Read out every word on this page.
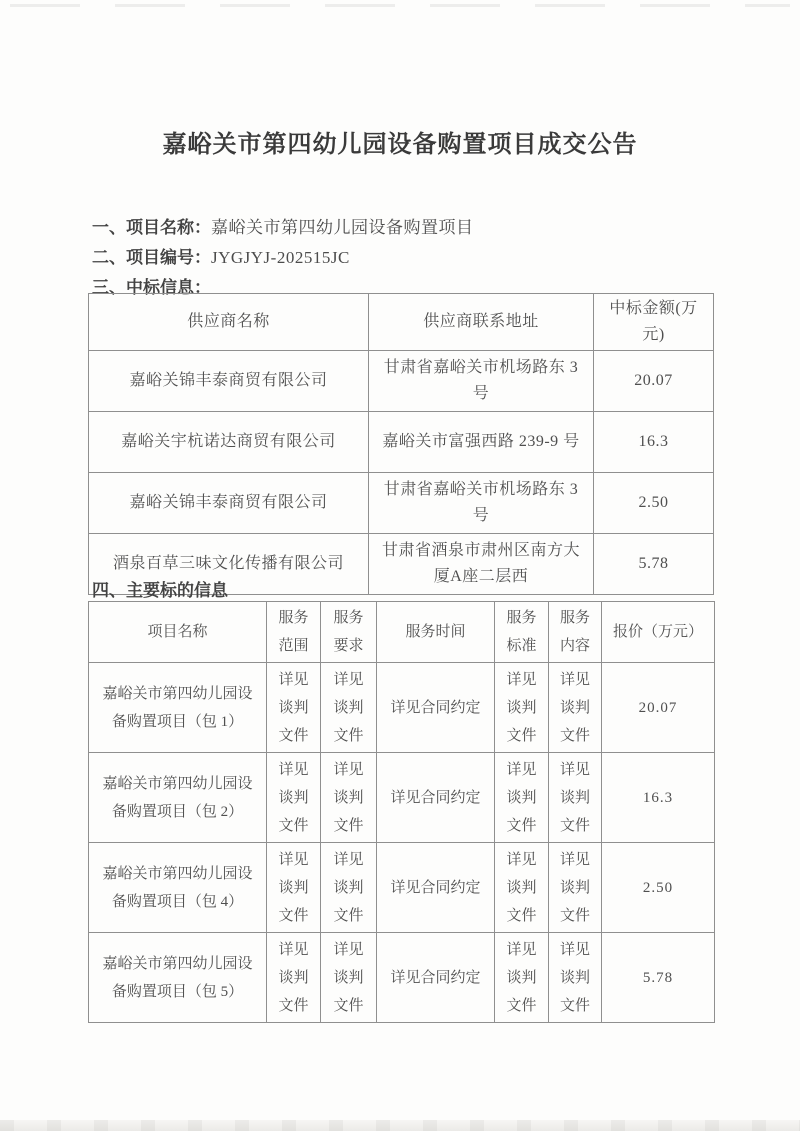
嘉峪关市第四幼儿园设备购置项目成交公告
一、项目名称：嘉峪关市第四幼儿园设备购置项目
二、项目编号：JYGJYJ-202515JC
三、中标信息：
供应商名称	供应商联系地址	中标金额(万元)
嘉峪关锦丰泰商贸有限公司	甘肃省嘉峪关市机场路东 3 号	20.07
嘉峪关宇杭诺达商贸有限公司	嘉峪关市富强西路 239-9 号	16.3
嘉峪关锦丰泰商贸有限公司	甘肃省嘉峪关市机场路东 3 号	2.50
酒泉百草三味文化传播有限公司	甘肃省酒泉市肃州区南方大厦A座二层西	5.78
四、主要标的信息
项目名称	服务范围	服务要求	服务时间	服务标准	服务内容	报价（万元）
嘉峪关市第四幼儿园设备购置项目（包 1）	详见谈判文件	详见谈判文件	详见合同约定	详见谈判文件	详见谈判文件	20.07
嘉峪关市第四幼儿园设备购置项目（包 2）	详见谈判文件	详见谈判文件	详见合同约定	详见谈判文件	详见谈判文件	16.3
嘉峪关市第四幼儿园设备购置项目（包 4）	详见谈判文件	详见谈判文件	详见合同约定	详见谈判文件	详见谈判文件	2.50
嘉峪关市第四幼儿园设备购置项目（包 5）	详见谈判文件	详见谈判文件	详见合同约定	详见谈判文件	详见谈判文件	5.78
